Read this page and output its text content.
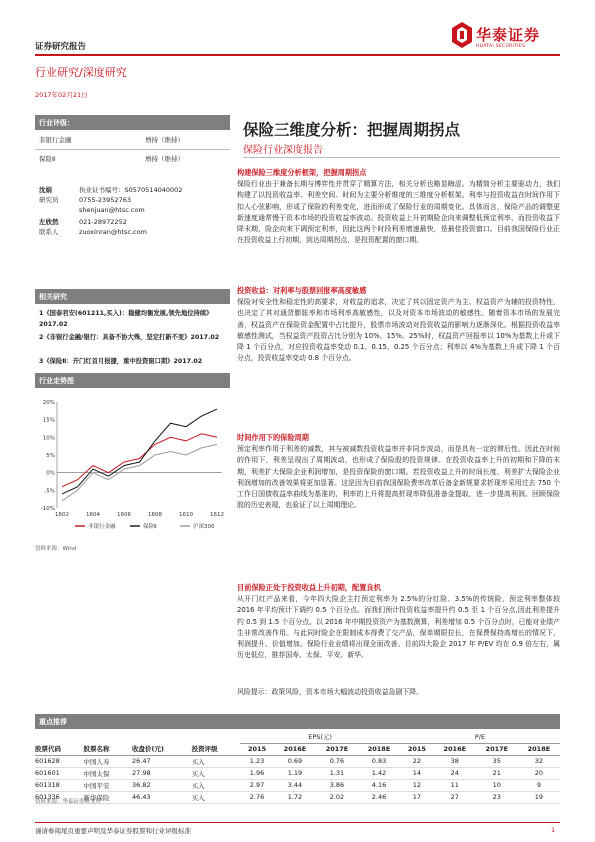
证券研究报告
华泰证券
HUATAI SECURITIES
行业研究/深度研究
2017年02月21日
行业评级：
非银行金融	增持（维持）
保险Ⅱ	增持（维持）
沈娟	执业证书编号：S0570514040002
研究员	0755-23952763
shenjuan@htsc.com
左欣然	021-28972252
联系人	zuoxinran@htsc.com
相关研究
1《国泰君安(601211,买入)：稳健均衡发展,领先地位持续》2017.02
2《非银行金融/银行：具备不协大殊，坚定打新不变》2017.02
3《保险Ⅱ：开门红首月报捷，重中投资窗口期》2017.02
行业走势图
20%
15%
10%
5%
0%
-5%
-10%
1602	1604	1606	1608	1610	1612
非银行金融	保险Ⅱ	沪深300
资料来源：Wind
保险三维度分析：把握周期拐点
保险行业深度报告
构建保险三维度分析框架，把握周期拐点
保险行业由于兼备长期与博弈性并贯穿了精算方法，相关分析也略显晦涩。为精简分析主要驱动力，我们构建了以投资收益率、利差空间、时间为主要分析维度的三维度分析框架。利率与投资收益在时间作用下扣人心弦影响，形成了保险的利差变化，进而形成了保险行业的周期变化。具体而言，保险产品的调整更新速度通常慢于资本市场的投资收益率波动。投资收益上升初期险企向来调整低预定利率，而投资收益下降末期，险企向来下调预定利率，因此这两个时段利差增速最快，是最佳投资窗口。目前我国保险行业正在投资收益上行初期，到达周期拐点，是投资配置的窗口期。
投资收益：对利率与股票回报率高度敏感
保险对安全性和稳定性的高要求，对收益的追求，决定了其以固定资产为主、权益资产为辅的投资特性，也决定了其对通货膨胀率和市场利率高敏感性，以及对资本市场波动的敏感性。随着资本市场的发展完善，权益资产在保险资金配置中占比提升，股票市场波动对投资收益的影响力逐渐深化。根据投资收益率敏感性测试，当权益资产投资占比分别为 10%、15%、25%时，权益资产回报率以 10%为基数上升或下降 1 个百分点，对应投资收益率变动 0.1、0.15、0.25 个百分点；利率以 4%为基数上升或下降 1 个百分点，投资收益率变动 0.8 个百分点。
时间作用下的保险周期
预定利率作用于利差的减数，其与被减数投资收益率并非同步波动，而是具有一定的滞后性。因此在时间的作用下，利差呈现出了周期波动，也形成了保险股的投资规律。在投资收益率上升的初期和下降的末期，利差扩大保险企业利润增加，是投资保险的窗口期。若投资收益上升的时间长度，利差扩大保险企业利润增加的改善效果将更加显著。这是因为目前我国保险费率改革后备金新规要求折现率采用过去 750 个工作日国债收益率曲线为基准的，利率的上升将提高折现率降低准备金提取，进一步提高利润。回顾保险股的历史表现，也验证了以上周期理论。
目前保险正处于投资收益上升初期，配置良机
从开门红产品来看，今年四大险企主打预定利率为 2.5%的分红险、3.5%的传统险，预定利率整体较 2016 年平均预计下调约 0.5 个百分点。而我们预计投资收益率提升约 0.5 至 1 个百分点,因此利差提升约 0.5 到 1.5 个百分点。以 2016 年中期投资资产为基数测算，利差增加 0.5 个百分点时，已能对业绩产生非常改善作用。与此同时险企在限制成本得费了交产品，保单期限拉长，在保费保持高增长的情况下，利润提升、价值增加。保险行业业绩将出现全面改善。目前四大险企 2017 年 P/EV 均在 0.9 倍左右，属历史低位，推荐国寿、太保、平安、新华。
风险提示：政策风险，资本市场大幅波动投资收益急剧下降。
重点推荐
				EPS(元)				P/E			
股票代码	股票名称	收盘价(元)	投资评级	2015	2016E	2017E	2018E	2015	2016E	2017E	2018E
601628	中国人寿	26.47	买入	1.23	0.69	0.76	0.83	22	38	35	32
601601	中国太保	27.98	买入	1.96	1.19	1.31	1.42	14	24	21	20
601318	中国平安	36.82	买入	2.97	3.44	3.86	4.16	12	11	10	9
601336	新华保险	46.43	买入	2.76	1.72	2.02	2.46	17	27	23	19
资料来源：华泰证券研究所
谨请参阅尾页重要声明及华泰证券股票和行业评级标准	1
